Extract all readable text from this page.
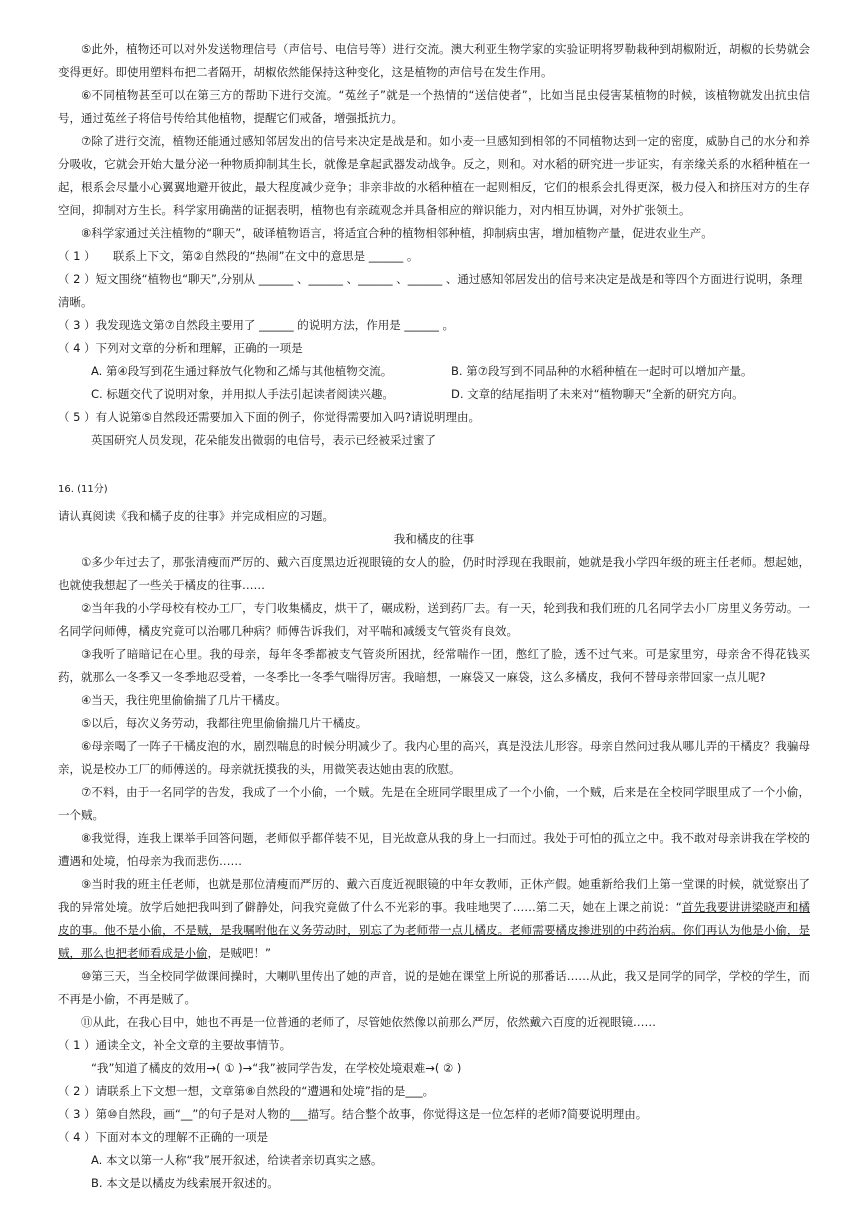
⑤此外，植物还可以对外发送物理信号（声信号、电信号等）进行交流。澳大利亚生物学家的实验证明将罗勒栽种到胡椒附近，胡椒的长势就会变得更好。即使用塑料布把二者隔开，胡椒依然能保持这种变化，这是植物的声信号在发生作用。
⑥不同植物甚至可以在第三方的帮助下进行交流。“菟丝子”就是一个热情的“送信使者”，比如当昆虫侵害某植物的时候，该植物就发出抗虫信号，通过菟丝子将信号传给其他植物，提醒它们戒备，增强抵抗力。
⑦除了进行交流，植物还能通过感知邻居发出的信号来决定是战是和。如小麦一旦感知到相邻的不同植物达到一定的密度，威胁自己的水分和养分吸收，它就会开始大量分泌一种物质抑制其生长，就像是拿起武器发动战争。反之，则和。对水稻的研究进一步证实，有亲缘关系的水稻种植在一起，根系会尽量小心翼翼地避开彼此，最大程度减少竞争；非亲非故的水稻种植在一起则相反，它们的根系会扎得更深，极力侵入和挤压对方的生存空间，抑制对方生长。科学家用确凿的证据表明，植物也有亲疏观念并具备相应的辩识能力，对内相互协调，对外扩张领土。
⑧科学家通过关注植物的“聊天”，破译植物语言，将适宜合种的植物相邻种植，抑制病虫害，增加植物产量，促进农业生产。
（ 1 ）　　联系上下文，第②自然段的“热闹”在文中的意思是 ______ 。
（ 2 ）短文围绕“植物也“聊天”,分别从 ______ 、______ 、______ 、______ 、通过感知邻居发出的信号来决定是战是和等四个方面进行说明，条理清晰。
（ 3 ）我发现选文第⑦自然段主要用了 ______ 的说明方法，作用是 ______ 。
（ 4 ）下列对文章的分析和理解，正确的一项是
A. 第④段写到花生通过释放气化物和乙烯与其他植物交流。	B. 第⑦段写到不同品种的水稻种植在一起时可以增加产量。
C. 标题交代了说明对象，并用拟人手法引起读者阅读兴趣。	D. 文章的结尾指明了未来对“植物聊天”全新的研究方向。
（ 5 ）有人说第⑤自然段还需要加入下面的例子，你觉得需要加入吗?请说明理由。
英国研究人员发现，花朵能发出微弱的电信号，表示已经被采过蜜了
16. (11分)
请认真阅读《我和橘子皮的往事》并完成相应的习题。
我和橘皮的往事
①多少年过去了，那张清瘦而严厉的、戴六百度黑边近视眼镜的女人的脸，仍时时浮现在我眼前，她就是我小学四年级的班主任老师。想起她，也就使我想起了一些关于橘皮的往事……
②当年我的小学母校有校办工厂，专门收集橘皮，烘干了，碾成粉，送到药厂去。有一天，轮到我和我们班的几名同学去小厂房里义务劳动。一名同学问师傅，橘皮究竟可以治哪几种病？师傅告诉我们，对平喘和减缓支气管炎有良效。
③我听了暗暗记在心里。我的母亲，每年冬季都被支气管炎所困扰，经常喘作一团，憋红了脸，透不过气来。可是家里穷，母亲舍不得花钱买药，就那么一冬季又一冬季地忍受着，一冬季比一冬季气喘得厉害。我暗想，一麻袋又一麻袋，这么多橘皮，我何不替母亲带回家一点儿呢?
④当天，我往兜里偷偷揣了几片干橘皮。
⑤以后，每次义务劳动，我都往兜里偷偷揣几片干橘皮。
⑥母亲喝了一阵子干橘皮泡的水，剧烈喘息的时候分明减少了。我内心里的高兴，真是没法儿形容。母亲自然问过我从哪儿弄的干橘皮？我骗母亲，说是校办工厂的师傅送的。母亲就抚摸我的头，用微笑表达她由衷的欣慰。
⑦不料，由于一名同学的告发，我成了一个小偷，一个贼。先是在全班同学眼里成了一个小偷，一个贼，后来是在全校同学眼里成了一个小偷，一个贼。
⑧我觉得，连我上课举手回答问题，老师似乎都佯装不见，目光故意从我的身上一扫而过。我处于可怕的孤立之中。我不敢对母亲讲我在学校的遭遇和处境，怕母亲为我而悲伤……
⑨当时我的班主任老师，也就是那位清瘦而严厉的、戴六百度近视眼镜的中年女教师，正休产假。她重新给我们上第一堂课的时候，就觉察出了我的异常处境。放学后她把我叫到了僻静处，问我究竟做了什么不光彩的事。我哇地哭了……第二天，她在上课之前说：“首先我要讲讲梁晓声和橘皮的事。他不是小偷，不是贼，是我嘱咐他在义务劳动时，别忘了为老师带一点儿橘皮。老师需要橘皮掺进别的中药治病。你们再认为他是小偷，是贼，那么也把老师看成是小偷，是贼吧！”
⑩第三天，当全校同学做课间操时，大喇叭里传出了她的声音，说的是她在课堂上所说的那番话……从此，我又是同学的同学，学校的学生，而不再是小偷，不再是贼了。
⑪从此，在我心目中，她也不再是一位普通的老师了，尽管她依然像以前那么严厉，依然戴六百度的近视眼镜……
（ 1 ）通读全文，补全文章的主要故事情节。
“我”知道了橘皮的效用→( ① )→“我”被同学告发，在学校处境艰难→( ② )
（ 2 ）请联系上下文想一想，文章第⑧自然段的“遭遇和处境”指的是___。
（ 3 ）第⑩自然段，画“__”的句子是对人物的___描写。结合整个故事，你觉得这是一位怎样的老师?简要说明理由。
（ 4 ）下面对本文的理解不正确的一项是
A. 本文以第一人称“我”展开叙述，给读者亲切真实之感。
B. 本文是以橘皮为线索展开叙述的。
